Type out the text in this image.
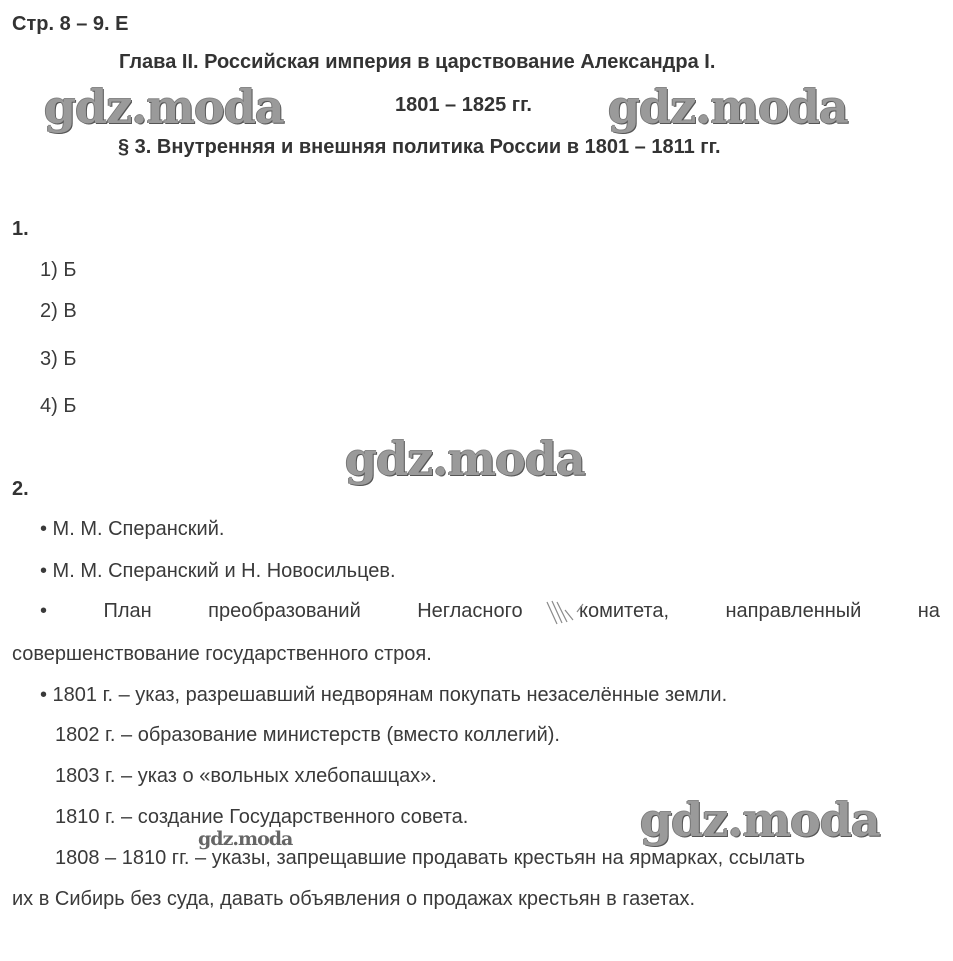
Стр. 8 – 9. Е
Глава II. Российская империя в царствование Александра I.
1801 – 1825 гг.
§ 3. Внутренняя и внешняя политика России в 1801 – 1811 гг.
gdz.moda	gdz.moda
gdz.moda
gdz.moda
gdz.moda
1.
1) Б
2) В
3) Б
4) Б
2.
• М. М. Сперанский.
• М. М. Сперанский и Н. Новосильцев.
•	План	преобразований	Негласного	комитета,	направленный	на
совершенствование государственного строя.
• 1801 г. – указ, разрешавший недворянам покупать незаселённые земли.
1802 г. – образование министерств (вместо коллегий).
1803 г. – указ о «вольных хлебопашцах».
1810 г. – создание Государственного совета.
1808 – 1810 гг. – указы, запрещавшие продавать крестьян на ярмарках, ссылать
их в Сибирь без суда, давать объявления о продажах крестьян в газетах.
